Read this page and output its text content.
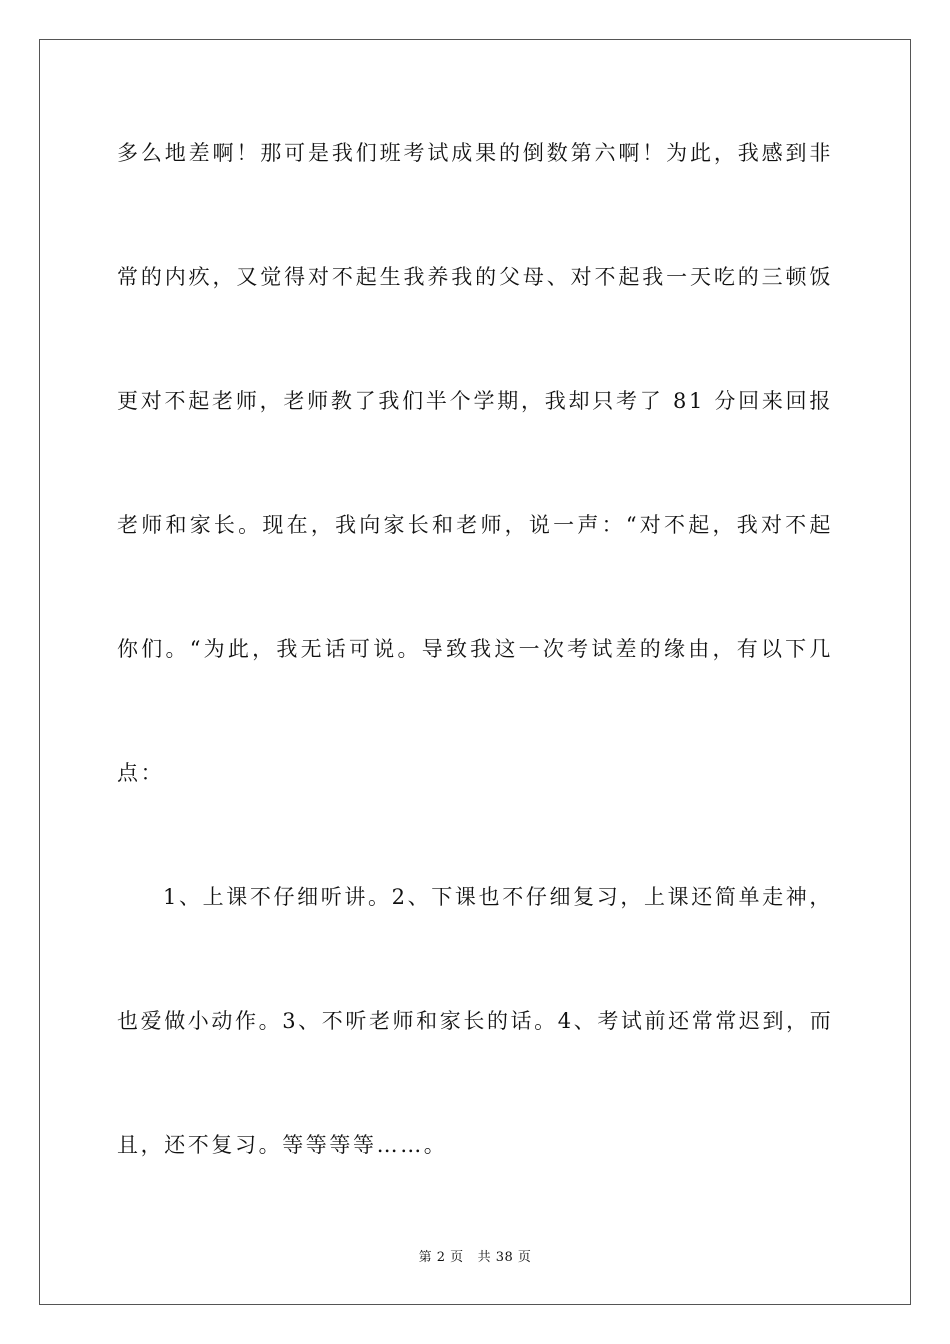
多么地差啊！那可是我们班考试成果的倒数第六啊！为此，我感到非
常的内疚，又觉得对不起生我养我的父母、对不起我一天吃的三顿饭
更对不起老师，老师教了我们半个学期，我却只考了 81 分回来回报
老师和家长。现在，我向家长和老师，说一声：“对不起，我对不起
你们。“为此，我无话可说。导致我这一次考试差的缘由，有以下几
点：
1、上课不仔细听讲。2、下课也不仔细复习，上课还简单走神，
也爱做小动作。3、不听老师和家长的话。4、考试前还常常迟到，而
且，还不复习。等等等等……。
第 2 页 共 38 页
